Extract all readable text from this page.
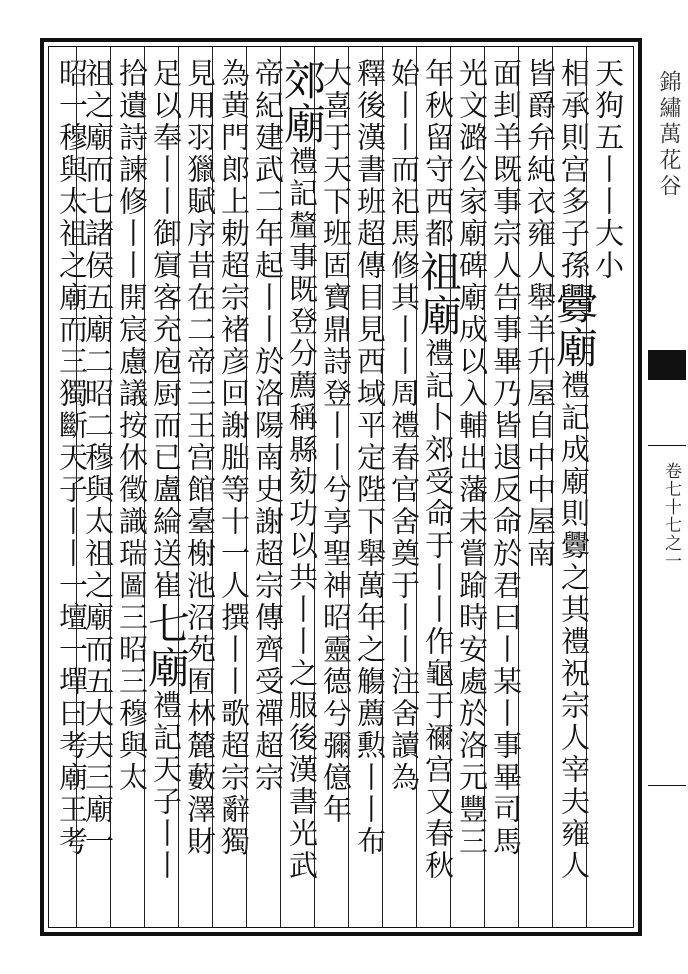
天狗五丨丨大小
相承則宫多子孫釁廟禮記成廟則釁之其禮祝宗人宰夫雍人
皆爵弁純衣雍人舉羊升屋自中中屋南
面刲羊既事宗人告事畢乃皆退反命於君曰丨某丨事畢司馬
光文潞公家廟碑廟成以入輔出藩未嘗踰時安處於洛元豐三
年秋留守西都祖廟禮記卜郊受命于丨丨作龜于禰宫又春秋
始丨丨而祀馬修其丨丨周禮春官舍奠于丨丨注舍讀為
釋後漢書班超傳目見西域平定陛下舉萬年之觴薦勲丨丨布
大喜于天下班固寶鼎詩登丨丨兮享聖神昭靈德兮彌億年
郊廟禮記釐事既登分薦稱縣劾功以共丨丨之服後漢書光武
帝紀建武二年起丨丨於洛陽南史謝超宗傳齊受禪超宗
為黄門郎上勅超宗褚彦回謝朏等十一人撰丨丨歌超宗辭獨
見用羽獵賦序昔在二帝三王宫館臺榭池沼苑囿林麓藪澤財
足以奉丨丨御賔客充庖厨而已盧綸送崔七廟禮記天子丨丨
拾遺詩諫修丨丨開宸慮議按休徵識瑞圖三昭三穆與太
祖之廟而七諸侯五廟二昭二穆與太祖之廟而五大夫三廟一
昭一穆與太祖之廟而三獨斷天子丨丨一壇一墠曰考廟王考	錦繡萬花谷
卷七十七之一
